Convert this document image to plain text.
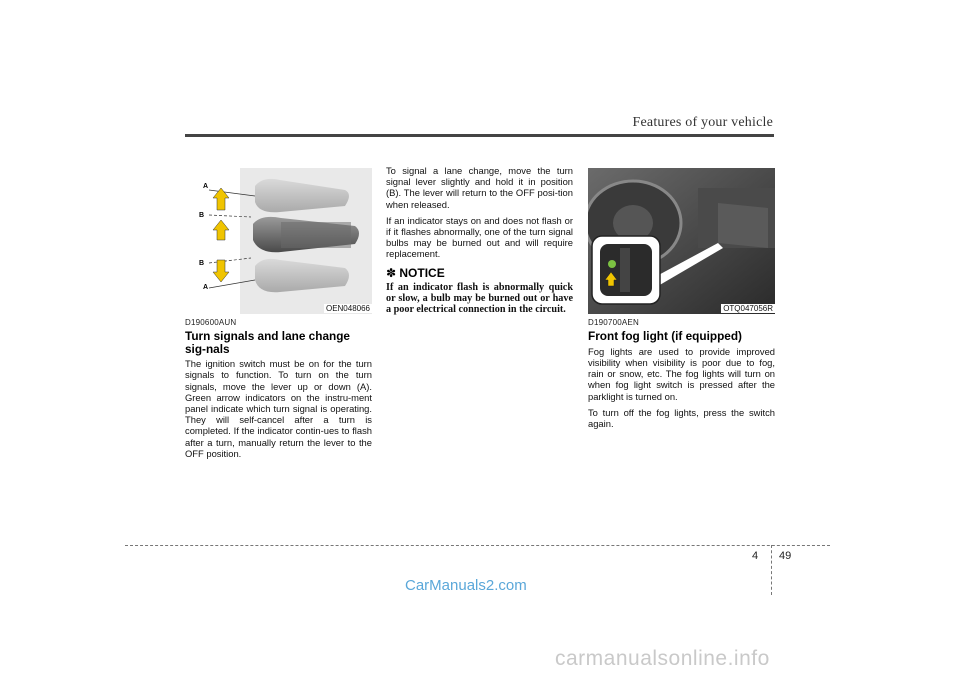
Features of your vehicle
A
B
B
A
OEN048066	OTQ047056R
D190600AUN
Turn signals and lane change sig-nals

The ignition switch must be on for the turn signals to function. To turn on the turn signals, move the lever up or down (A). Green arrow indicators on the instru-ment panel indicate which turn signal is operating. They will self-cancel after a turn is completed. If the indicator contin-ues to flash after a turn, manually return the lever to the OFF position.

To signal a lane change, move the turn signal lever slightly and hold it in position (B). The lever will return to the OFF posi-tion when released.

If an indicator stays on and does not flash or if it flashes abnormally, one of the turn signal bulbs may be burned out and will require replacement.

✽ NOTICE

If an indicator flash is abnormally quick or slow, a bulb may be burned out or have a poor electrical connection in the circuit.

D190700AEN
Front fog light (if equipped)

Fog lights are used to provide improved visibility when visibility is poor due to fog, rain or snow, etc. The fog lights will turn on when fog light switch is pressed after the parklight is turned on.

To turn off the fog lights, press the switch again.

4 49
CarManuals2.com
carmanualsonline.info
